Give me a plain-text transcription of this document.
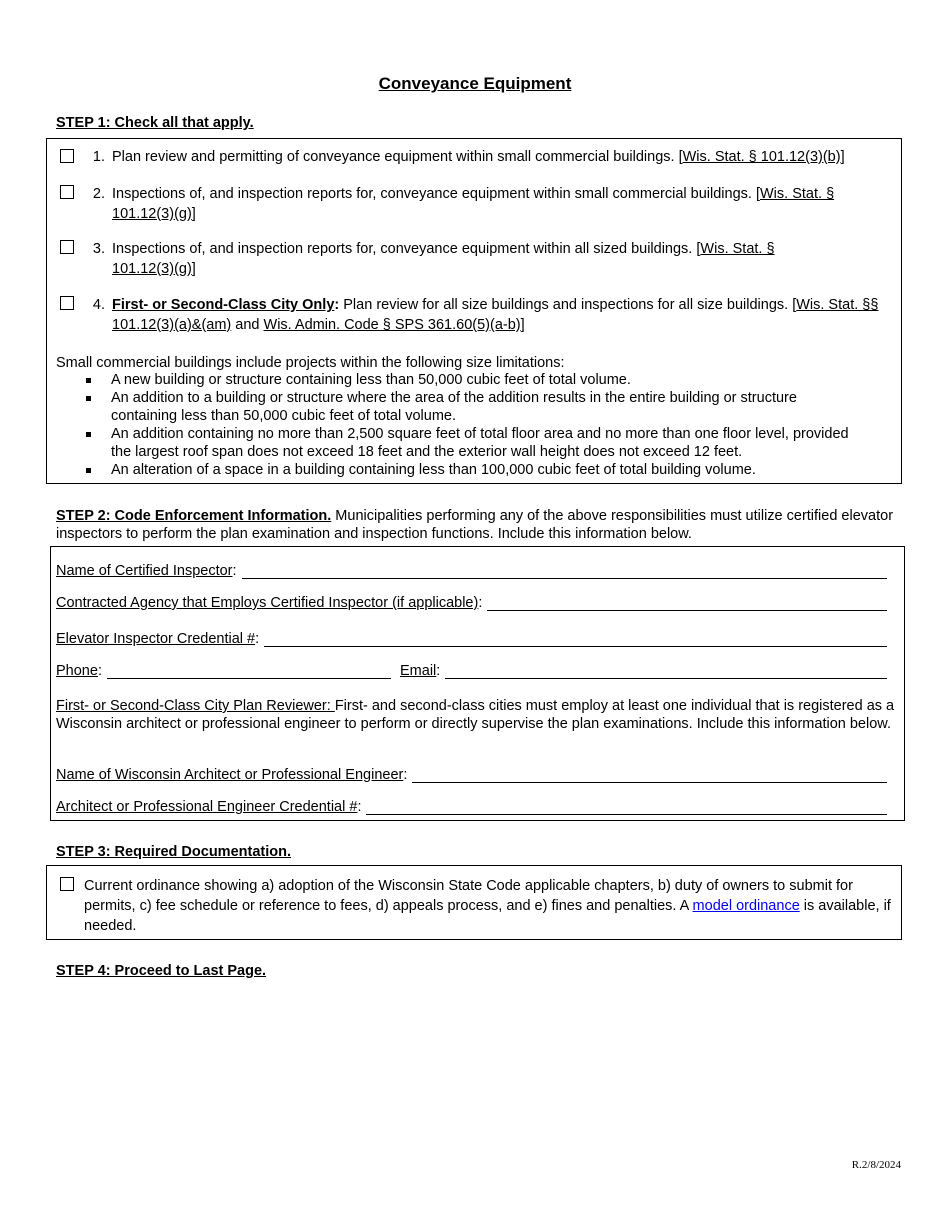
Conveyance Equipment
STEP 1: Check all that apply.
1. Plan review and permitting of conveyance equipment within small commercial buildings. [Wis. Stat. § 101.12(3)(b)]
2. Inspections of, and inspection reports for, conveyance equipment within small commercial buildings. [Wis. Stat. § 101.12(3)(g)]
3. Inspections of, and inspection reports for, conveyance equipment within all sized buildings. [Wis. Stat. § 101.12(3)(g)]
4. First- or Second-Class City Only: Plan review for all size buildings and inspections for all size buildings. [Wis. Stat. §§ 101.12(3)(a)&(am) and Wis. Admin. Code § SPS 361.60(5)(a-b)]
Small commercial buildings include projects within the following size limitations:
A new building or structure containing less than 50,000 cubic feet of total volume.
An addition to a building or structure where the area of the addition results in the entire building or structure containing less than 50,000 cubic feet of total volume.
An addition containing no more than 2,500 square feet of total floor area and no more than one floor level, provided the largest roof span does not exceed 18 feet and the exterior wall height does not exceed 12 feet.
An alteration of a space in a building containing less than 100,000 cubic feet of total building volume.
STEP 2: Code Enforcement Information. Municipalities performing any of the above responsibilities must utilize certified elevator inspectors to perform the plan examination and inspection functions. Include this information below.
Name of Certified Inspector:
Contracted Agency that Employs Certified Inspector (if applicable):
Elevator Inspector Credential #:
Phone:	Email:
First- or Second-Class City Plan Reviewer: First- and second-class cities must employ at least one individual that is registered as a Wisconsin architect or professional engineer to perform or directly supervise the plan examinations. Include this information below.
Name of Wisconsin Architect or Professional Engineer:
Architect or Professional Engineer Credential #:
STEP 3: Required Documentation.
Current ordinance showing a) adoption of the Wisconsin State Code applicable chapters, b) duty of owners to submit for permits, c) fee schedule or reference to fees, d) appeals process, and e) fines and penalties. A model ordinance is available, if needed.
STEP 4: Proceed to Last Page.
R.2/8/2024
